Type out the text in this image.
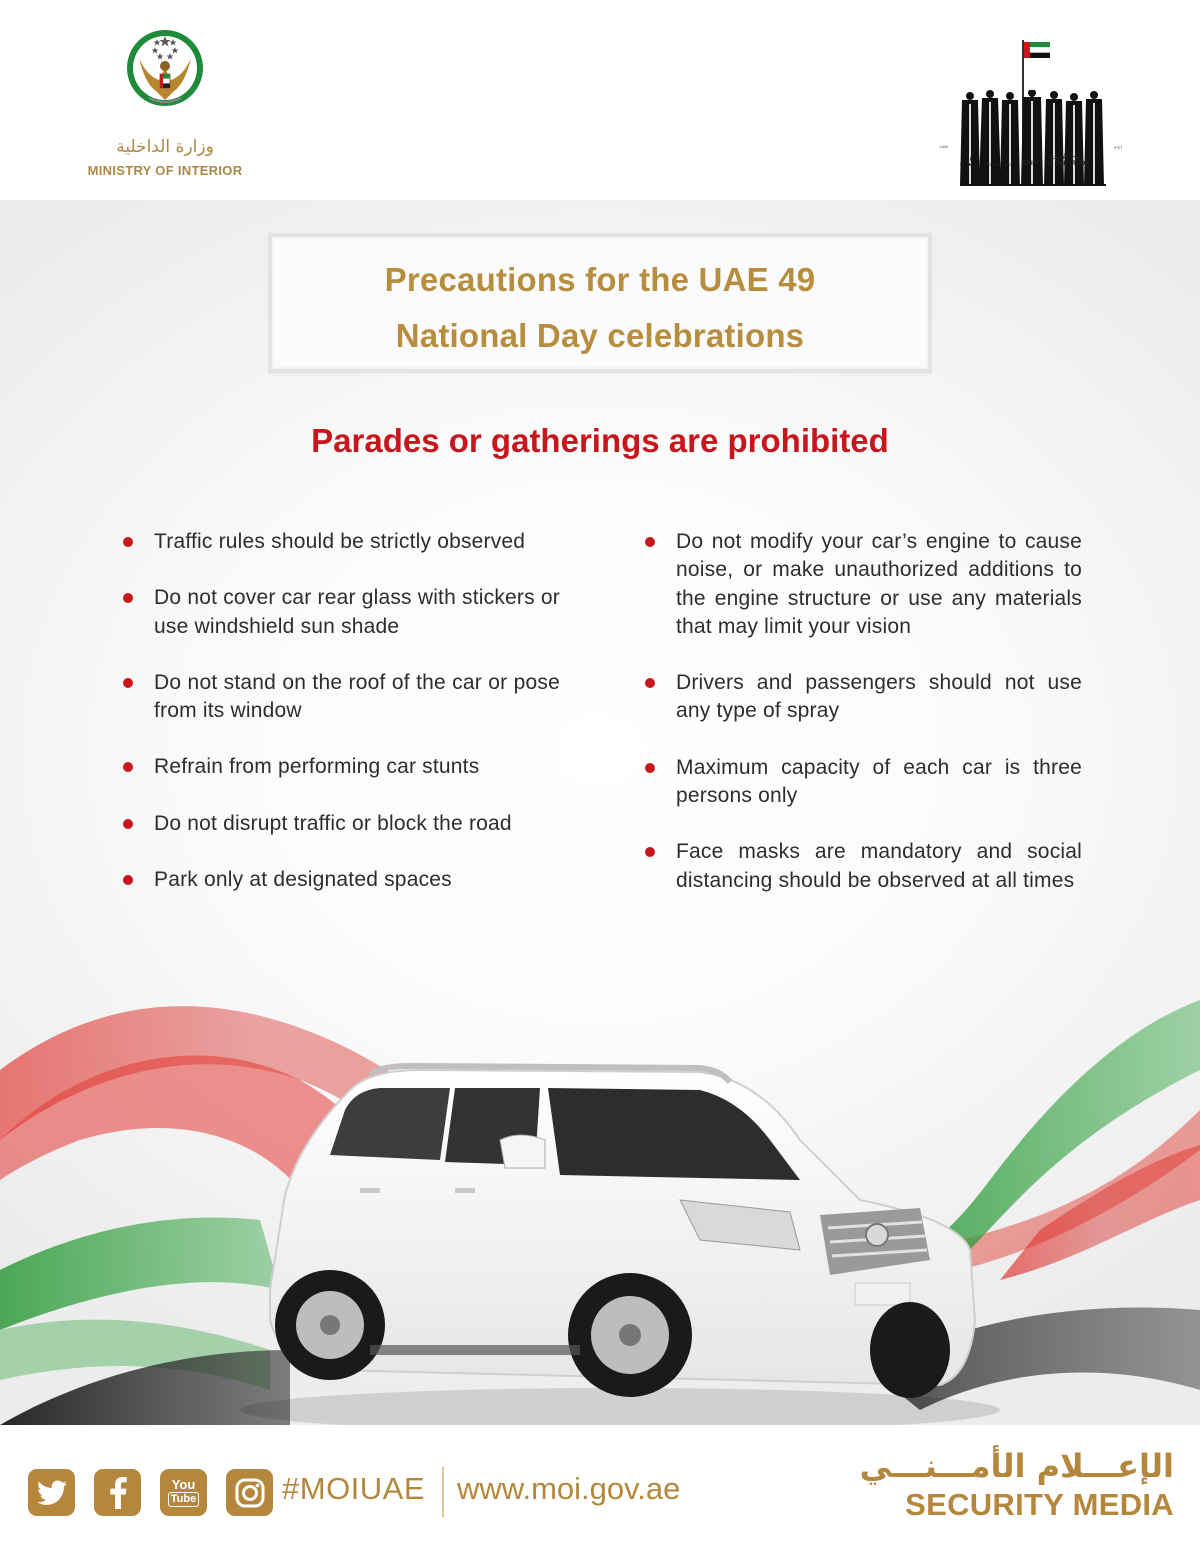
وزارة الداخلية
MINISTRY OF INTERIOR
UAE	إ.ع.م
49 NATIONAL DAY
روح الاتحاد
SPIRIT OF THE UNION
Precautions for the UAE 49
National Day celebrations
Parades or gatherings are prohibited
Traffic rules should be strictly observed
Do not cover car rear glass with stickers or use windshield sun shade
Do not stand on the roof of the car or pose from its window
Refrain from performing car stunts
Do not disrupt traffic or block the road
Park only at designated spaces
Do not modify your car’s engine to cause noise, or make unauthorized additions to the engine structure or use any materials that may limit your vision
Drivers and passengers should not use any type of spray
Maximum capacity of each car is three persons only
Face masks are mandatory and social distancing should be observed at all times
You
Tube	#MOIUAE www.moi.gov.ae
الإعـــلام الأمـــنـــي
SECURITY MEDIA
